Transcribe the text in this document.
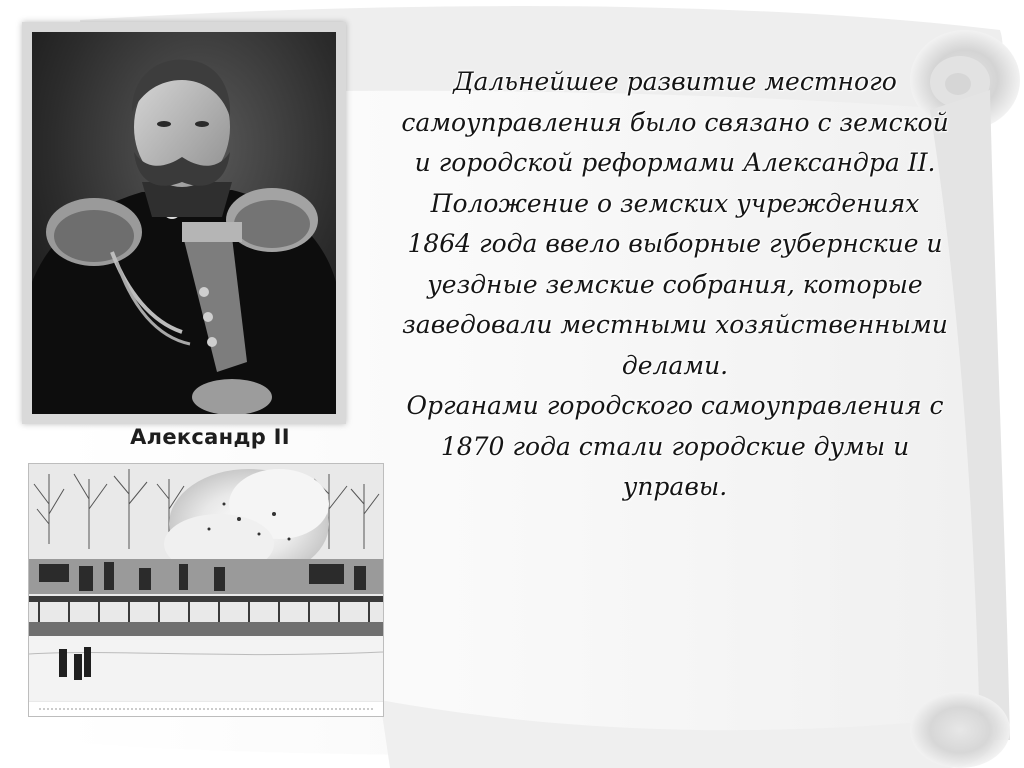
Александр II

Дальнейшее развитие местного самоуправления было связано с земской и городской реформами Александра II.

Положение о земских учреждениях 1864 года ввело выборные губернские и уездные земские собрания, которые заведовали местными хозяйственными делами.

Органами городского самоуправления с 1870 года стали городские думы и управы.
